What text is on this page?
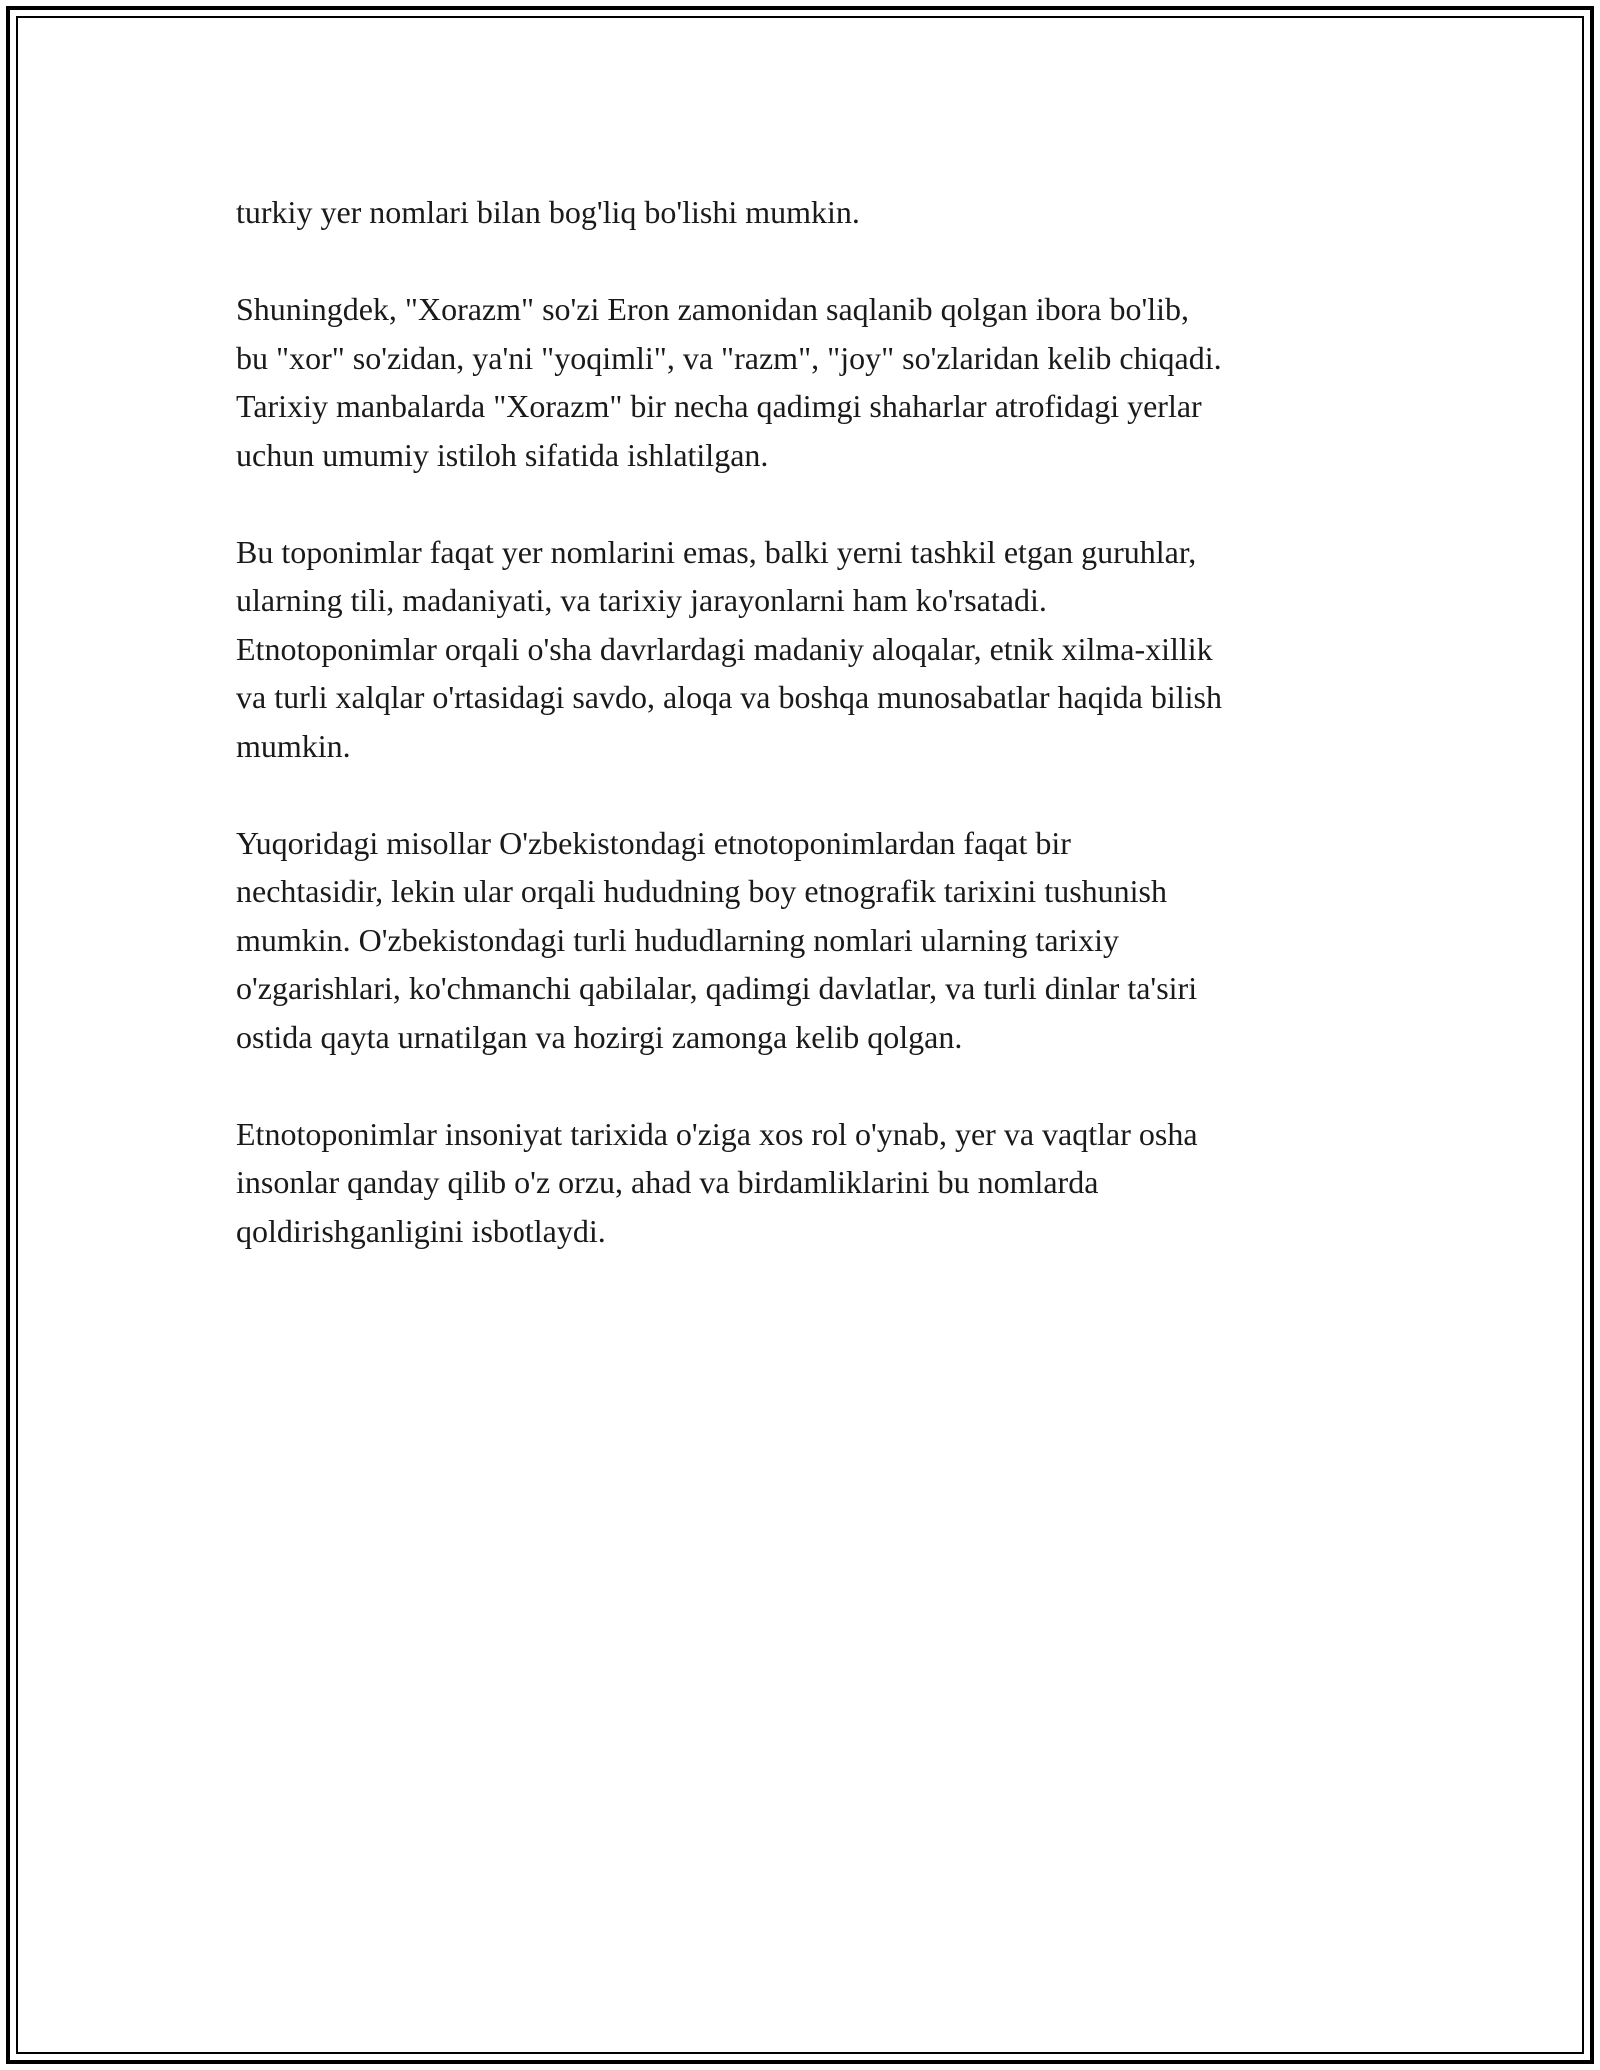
turkiy yer nomlari bilan bog'liq bo'lishi mumkin.

Shuningdek, "Xorazm" so'zi Eron zamonidan saqlanib qolgan ibora bo'lib,
bu "xor" so'zidan, ya'ni "yoqimli", va "razm", "joy" so'zlaridan kelib chiqadi.
Tarixiy manbalarda "Xorazm" bir necha qadimgi shaharlar atrofidagi yerlar
uchun umumiy istiloh sifatida ishlatilgan.

Bu toponimlar faqat yer nomlarini emas, balki yerni tashkil etgan guruhlar,
ularning tili, madaniyati, va tarixiy jarayonlarni ham ko'rsatadi.
Etnotoponimlar orqali o'sha davrlardagi madaniy aloqalar, etnik xilma-xillik
va turli xalqlar o'rtasidagi savdo, aloqa va boshqa munosabatlar haqida bilish
mumkin.

Yuqoridagi misollar O'zbekistondagi etnotoponimlardan faqat bir
nechtasidir, lekin ular orqali hududning boy etnografik tarixini tushunish
mumkin. O'zbekistondagi turli hududlarning nomlari ularning tarixiy
o'zgarishlari, ko'chmanchi qabilalar, qadimgi davlatlar, va turli dinlar ta'siri
ostida qayta urnatilgan va hozirgi zamonga kelib qolgan.

Etnotoponimlar insoniyat tarixida o'ziga xos rol o'ynab, yer va vaqtlar osha
insonlar qanday qilib o'z orzu, ahad va birdamliklarini bu nomlarda
qoldirishganligini isbotlaydi.
